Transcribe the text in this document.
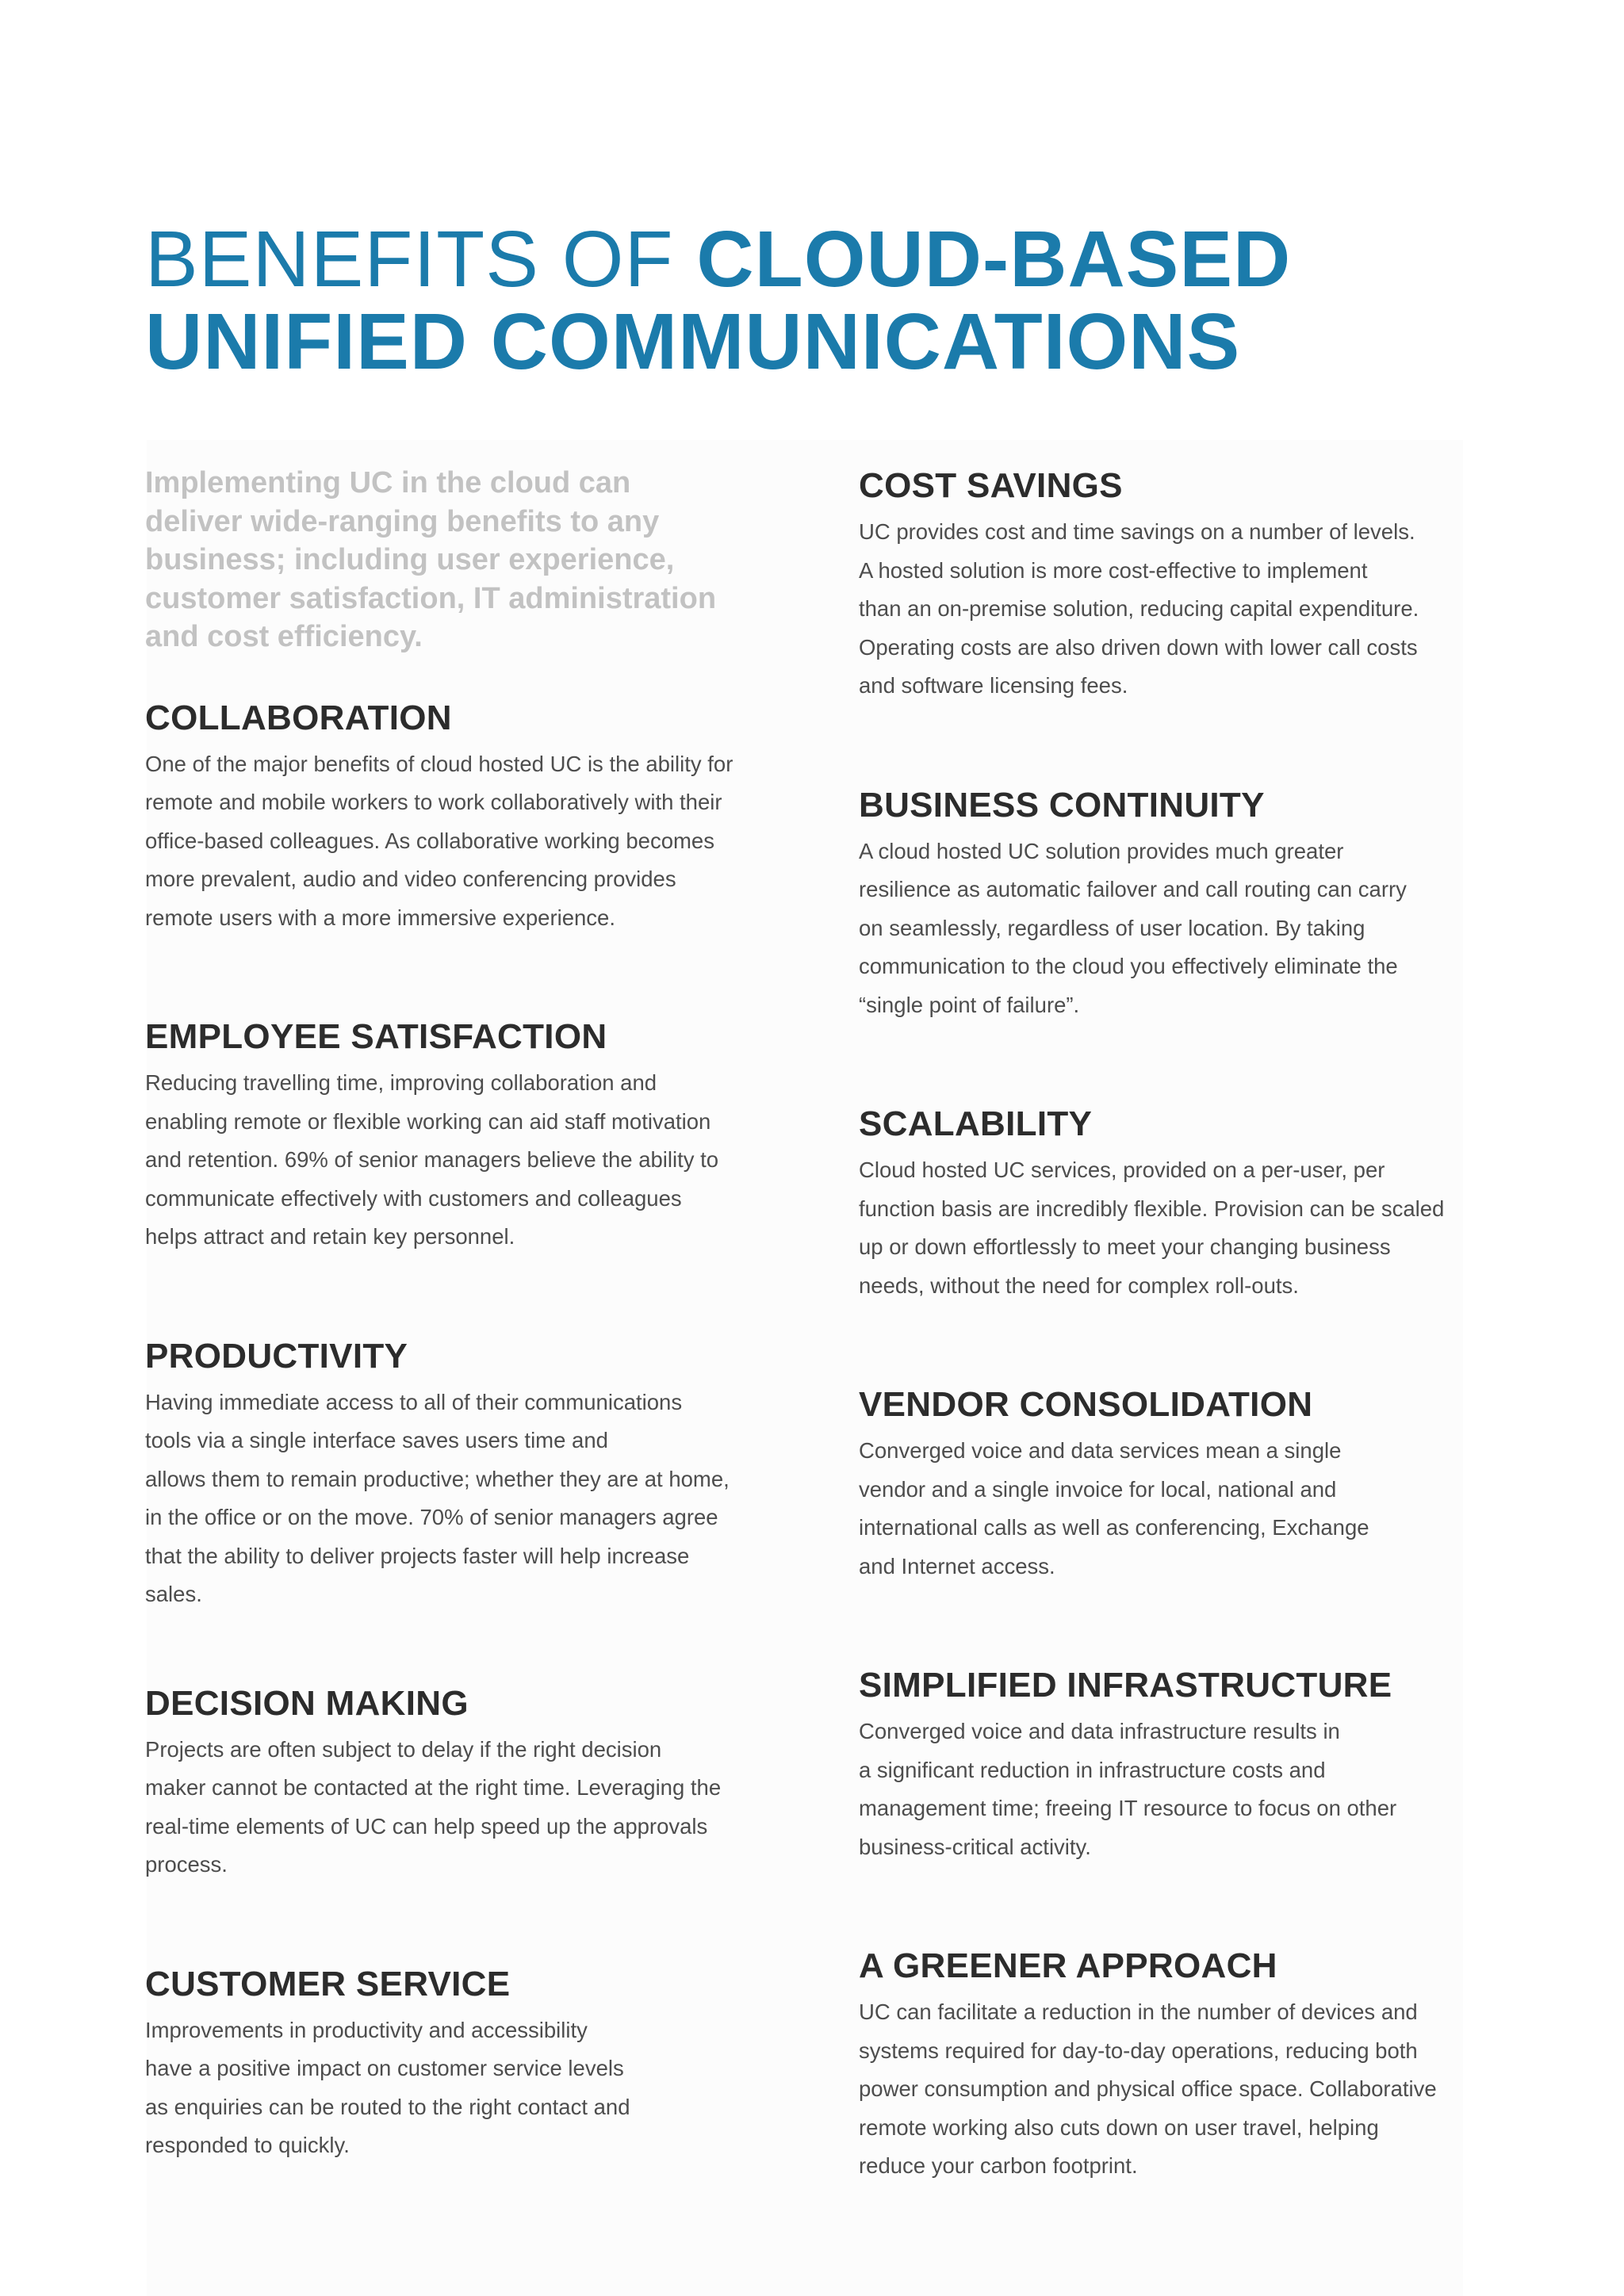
BENEFITS OF CLOUD-BASED
UNIFIED COMMUNICATIONS

Implementing UC in the cloud can
deliver wide-ranging benefits to any
business; including user experience,
customer satisfaction, IT administration
and cost efficiency.

COLLABORATION

One of the major benefits of cloud hosted UC is the ability for
remote and mobile workers to work collaboratively with their
office-based colleagues. As collaborative working becomes
more prevalent, audio and video conferencing provides
remote users with a more immersive experience.

EMPLOYEE SATISFACTION

Reducing travelling time, improving collaboration and
enabling remote or flexible working can aid staff motivation
and retention. 69% of senior managers believe the ability to
communicate effectively with customers and colleagues
helps attract and retain key personnel.

PRODUCTIVITY

Having immediate access to all of their communications
tools via a single interface saves users time and
allows them to remain productive; whether they are at home,
in the office or on the move. 70% of senior managers agree
that the ability to deliver projects faster will help increase
sales.

DECISION MAKING

Projects are often subject to delay if the right decision
maker cannot be contacted at the right time. Leveraging the
real-time elements of UC can help speed up the approvals
process.

CUSTOMER SERVICE

Improvements in productivity and accessibility
have a positive impact on customer service levels
as enquiries can be routed to the right contact and
responded to quickly.

COST SAVINGS

UC provides cost and time savings on a number of levels.
A hosted solution is more cost-effective to implement
than an on-premise solution, reducing capital expenditure.
Operating costs are also driven down with lower call costs
and software licensing fees.

BUSINESS CONTINUITY

A cloud hosted UC solution provides much greater
resilience as automatic failover and call routing can carry
on seamlessly, regardless of user location. By taking
communication to the cloud you effectively eliminate the
“single point of failure”.

SCALABILITY

Cloud hosted UC services, provided on a per-user, per
function basis are incredibly flexible. Provision can be scaled
up or down effortlessly to meet your changing business
needs, without the need for complex roll-outs.

VENDOR CONSOLIDATION

Converged voice and data services mean a single
vendor and a single invoice for local, national and
international calls as well as conferencing, Exchange
and Internet access.

SIMPLIFIED INFRASTRUCTURE

Converged voice and data infrastructure results in
a significant reduction in infrastructure costs and
management time; freeing IT resource to focus on other
business-critical activity.

A GREENER APPROACH

UC can facilitate a reduction in the number of devices and
systems required for day-to-day operations, reducing both
power consumption and physical office space. Collaborative
remote working also cuts down on user travel, helping
reduce your carbon footprint.
